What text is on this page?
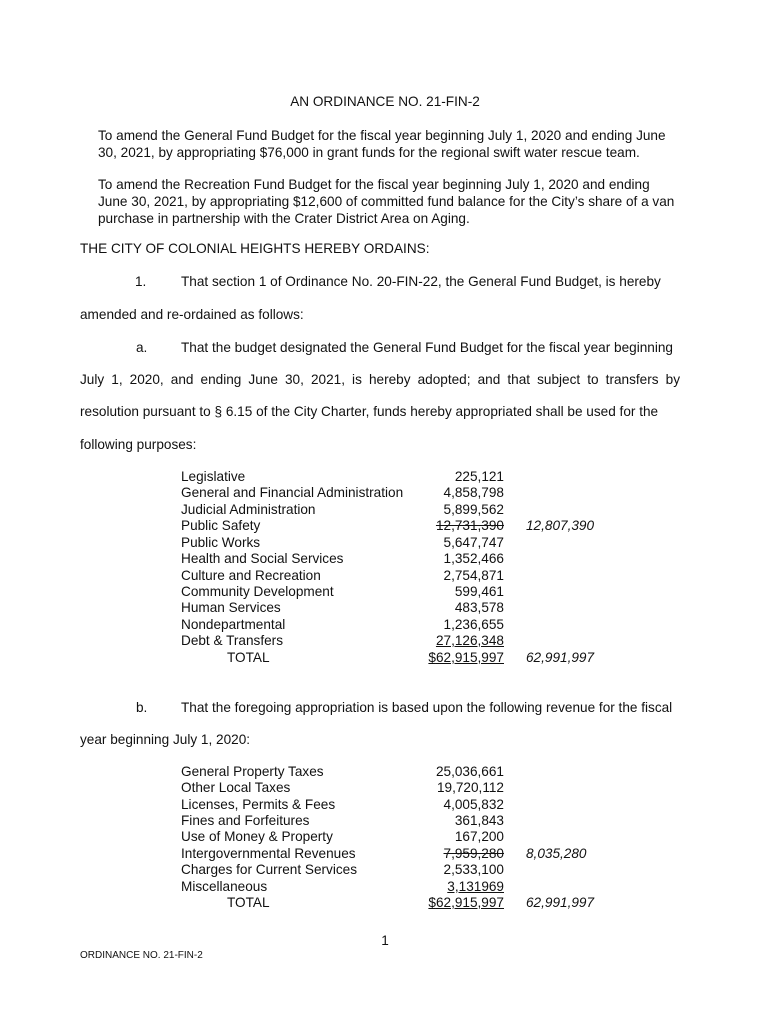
AN ORDINANCE NO. 21-FIN-2
To amend the General Fund Budget for the fiscal year beginning July 1, 2020 and ending June 30, 2021, by appropriating $76,000 in grant funds for the regional swift water rescue team.
To amend the Recreation Fund Budget for the fiscal year beginning July 1, 2020 and ending June 30, 2021, by appropriating $12,600 of committed fund balance for the City’s share of a van purchase in partnership with the Crater District Area on Aging.
THE CITY OF COLONIAL HEIGHTS HEREBY ORDAINS:
1.	That section 1 of Ordinance No. 20-FIN-22, the General Fund Budget, is hereby
amended and re-ordained as follows:
a. That the budget designated the General Fund Budget for the fiscal year beginning
July 1, 2020, and ending June 30, 2021, is hereby adopted; and that subject to transfers by
resolution pursuant to § 6.15 of the City Charter, funds hereby appropriated shall be used for the
following purposes:
Legislative	225,121
General and Financial Administration	4,858,798
Judicial Administration	5,899,562
Public Safety	12,731,390 12,807,390
Public Works	5,647,747
Health and Social Services	1,352,466
Culture and Recreation	2,754,871
Community Development	599,461
Human Services	483,578
Nondepartmental	1,236,655
Debt & Transfers	27,126,348
TOTAL	$62,915,997 62,991,997
b. That the foregoing appropriation is based upon the following revenue for the fiscal
year beginning July 1, 2020:
General Property Taxes	25,036,661
Other Local Taxes	19,720,112
Licenses, Permits & Fees	4,005,832
Fines and Forfeitures	361,843
Use of Money & Property	167,200
Intergovernmental Revenues	7,959,280 8,035,280
Charges for Current Services	2,533,100
Miscellaneous	3,131969
TOTAL	$62,915,997 62,991,997
1
ORDINANCE NO. 21-FIN-2
